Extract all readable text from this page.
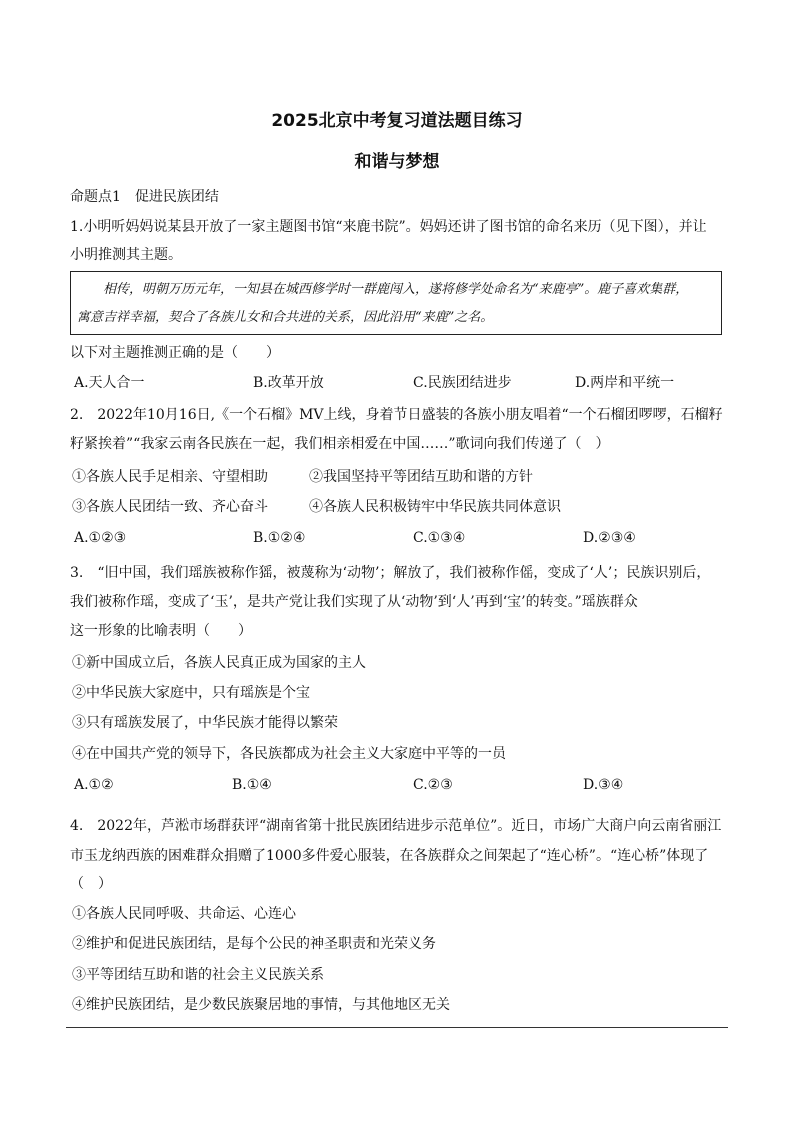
2025北京中考复习道法题目练习
和谐与梦想
命题点1　促进民族团结
1.小明听妈妈说某县开放了一家主题图书馆“来鹿书院”。妈妈还讲了图书馆的命名来历（见下图），并让
小明推测其主题。
　　相传，明朝万历元年，一知县在城西修学时一群鹿闯入，遂将修学处命名为“来鹿亭”。鹿子喜欢集群，
寓意吉祥幸福，契合了各族儿女和合共进的关系，因此沿用“来鹿”之名。
以下对主题推测正确的是（　　）
A.天人合一	B.改革开放	C.民族团结进步	D.两岸和平统一
2.　2022年10月16日,《一个石榴》MV上线，身着节日盛装的各族小朋友唱着“一个石榴团啰啰，石榴籽
籽紧挨着”“我家云南各民族在一起，我们相亲相爱在中国……”歌词向我们传递了（　）
①各族人民手足相亲、守望相助	②我国坚持平等团结互助和谐的方针
③各族人民团结一致、齐心奋斗	④各族人民积极铸牢中华民族共同体意识
A.①②③	B.①②④	C.①③④	D.②③④
3.　“旧中国，我们瑶族被称作猺，被蔑称为‘动物’；解放了，我们被称作傜，变成了‘人’；民族识别后，
我们被称作瑶，变成了‘玉’，是共产党让我们实现了从‘动物’到‘人’再到‘宝’的转变。”瑶族群众
这一形象的比喻表明（　　）
①新中国成立后，各族人民真正成为国家的主人
②中华民族大家庭中，只有瑶族是个宝
③只有瑶族发展了，中华民族才能得以繁荣
④在中国共产党的领导下，各民族都成为社会主义大家庭中平等的一员
A.①②	B.①④	C.②③	D.③④
4.　2022年，芦淞市场群获评“湖南省第十批民族团结进步示范单位”。近日，市场广大商户向云南省丽江
市玉龙纳西族的困难群众捐赠了1000多件爱心服装，在各族群众之间架起了“连心桥”。“连心桥”体现了
（　）
①各族人民同呼吸、共命运、心连心
②维护和促进民族团结，是每个公民的神圣职责和光荣义务
③平等团结互助和谐的社会主义民族关系
④维护民族团结，是少数民族聚居地的事情，与其他地区无关
